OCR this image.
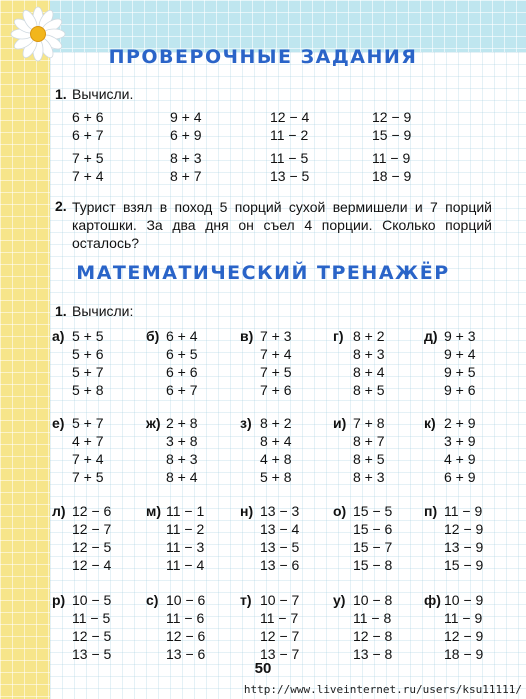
ПРОВЕРОЧНЫЕ ЗАДАНИЯ
1. Вычисли.
6 + 6
6 + 7
7 + 5
7 + 4
9 + 4
6 + 9
8 + 3
8 + 7
12 − 4
11 − 2
11 − 5
13 − 5
12 − 9
15 − 9
11 − 9
18 − 9
2. Турист взял в поход 5 порций сухой вермишели и 7 порций картошки. За два дня он съел 4 порции. Сколько порций осталось?

МАТЕМАТИЧЕСКИЙ ТРЕНАЖЁР
1. Вычисли:
а) 5 + 5
5 + 6
5 + 7
5 + 8
б) 6 + 4
6 + 5
6 + 6
6 + 7
в) 7 + 3
7 + 4
7 + 5
7 + 6
г) 8 + 2
8 + 3
8 + 4
8 + 5
д) 9 + 3
9 + 4
9 + 5
9 + 6
е) 5 + 7
4 + 7
7 + 4
7 + 5
ж) 2 + 8
3 + 8
8 + 3
8 + 4
з) 8 + 2
8 + 4
4 + 8
5 + 8
и) 7 + 8
8 + 7
8 + 5
8 + 3
к) 2 + 9
3 + 9
4 + 9
6 + 9
л) 12 − 6
12 − 7
12 − 5
12 − 4
м) 11 − 1
11 − 2
11 − 3
11 − 4
н) 13 − 3
13 − 4
13 − 5
13 − 6
о) 15 − 5
15 − 6
15 − 7
15 − 8
п) 11 − 9
12 − 9
13 − 9
15 − 9
р) 10 − 5
11 − 5
12 − 5
13 − 5
с) 10 − 6
11 − 6
12 − 6
13 − 6
т) 10 − 7
11 − 7
12 − 7
13 − 7
у) 10 − 8
11 − 8
12 − 8
13 − 8
ф) 10 − 9
11 − 9
12 − 9
18 − 9
50
http://www.liveinternet.ru/users/ksu11111/
